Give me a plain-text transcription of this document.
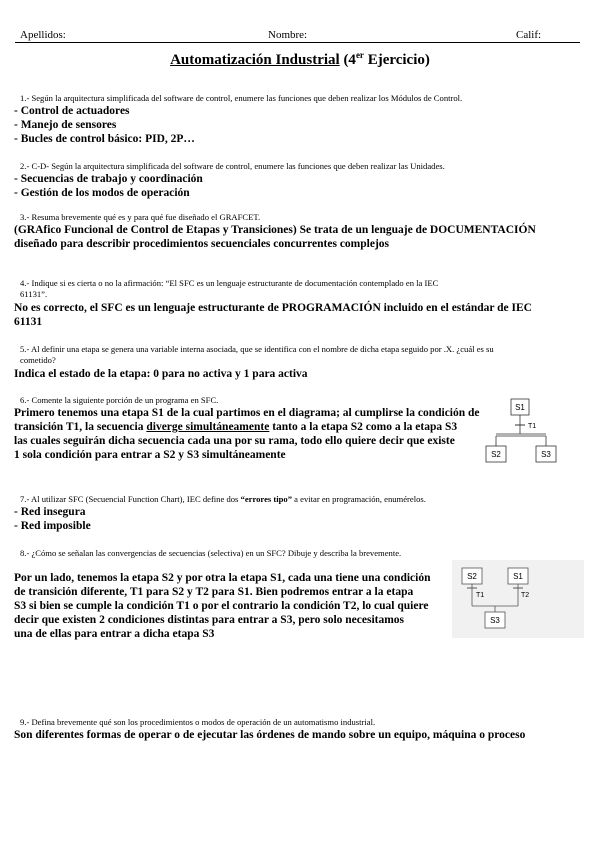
Apellidos:	Nombre:	Calif:
Automatización Industrial (4er Ejercicio)
1.- Según la arquitectura simplificada del software de control, enumere las funciones que deben realizar los Módulos de Control.
- Control de actuadores
- Manejo de sensores
- Bucles de control básico: PID, 2P…
2.- C-D- Según la arquitectura simplificada del software de control, enumere las funciones que deben realizar las Unidades.
- Secuencias de trabajo y coordinación
- Gestión de los modos de operación
3.- Resuma brevemente qué es y para qué fue diseñado el GRAFCET.
(GRAfico Funcional de Control de Etapas y Transiciones) Se trata de un lenguaje de DOCUMENTACIÓN
diseñado para describir procedimientos secuenciales concurrentes complejos
4.- Indique si es cierta o no la afirmación: “El SFC es un lenguaje estructurante de documentación contemplado en la IEC
61131”.
No es correcto, el SFC es un lenguaje estructurante de PROGRAMACIÓN incluido en el estándar de IEC
61131
5.- Al definir una etapa se genera una variable interna asociada, que se identifica con el nombre de dicha etapa seguido por .X. ¿cuál es su
cometido?
Indica el estado de la etapa: 0 para no activa y 1 para activa
6.- Comente la siguiente porción de un programa en SFC.
Primero tenemos una etapa S1 de la cual partimos en el diagrama; al cumplirse la condición de
transición T1, la secuencia diverge simultáneamente tanto a la etapa S2 como a la etapa S3
las cuales seguirán dicha secuencia cada una por su rama, todo ello quiere decir que existe
1 sola condición para entrar a S2 y S3 simultáneamente
S1
T1
S2	S3
7.- Al utilizar SFC (Secuencial Function Chart), IEC define dos “errores tipo” a evitar en programación, enumérelos.
- Red insegura
- Red imposible
8.- ¿Cómo se señalan las convergencias de secuencias (selectiva) en un SFC? Dibuje y describa la brevemente.
Por un lado, tenemos la etapa S2 y por otra la etapa S1, cada una tiene una condición
de transición diferente, T1 para S2 y T2 para S1. Bien podremos entrar a la etapa
S3 si bien se cumple la condición T1 o por el contrario la condición T2, lo cual quiere
decir que existen 2 condiciones distintas para entrar a S3, pero solo necesitamos
una de ellas para entrar a dicha etapa S3
S2	S1
T1	T2
S3
9.- Defina brevemente qué son los procedimientos o modos de operación de un automatismo industrial.
Son diferentes formas de operar o de ejecutar las órdenes de mando sobre un equipo, máquina o proceso
